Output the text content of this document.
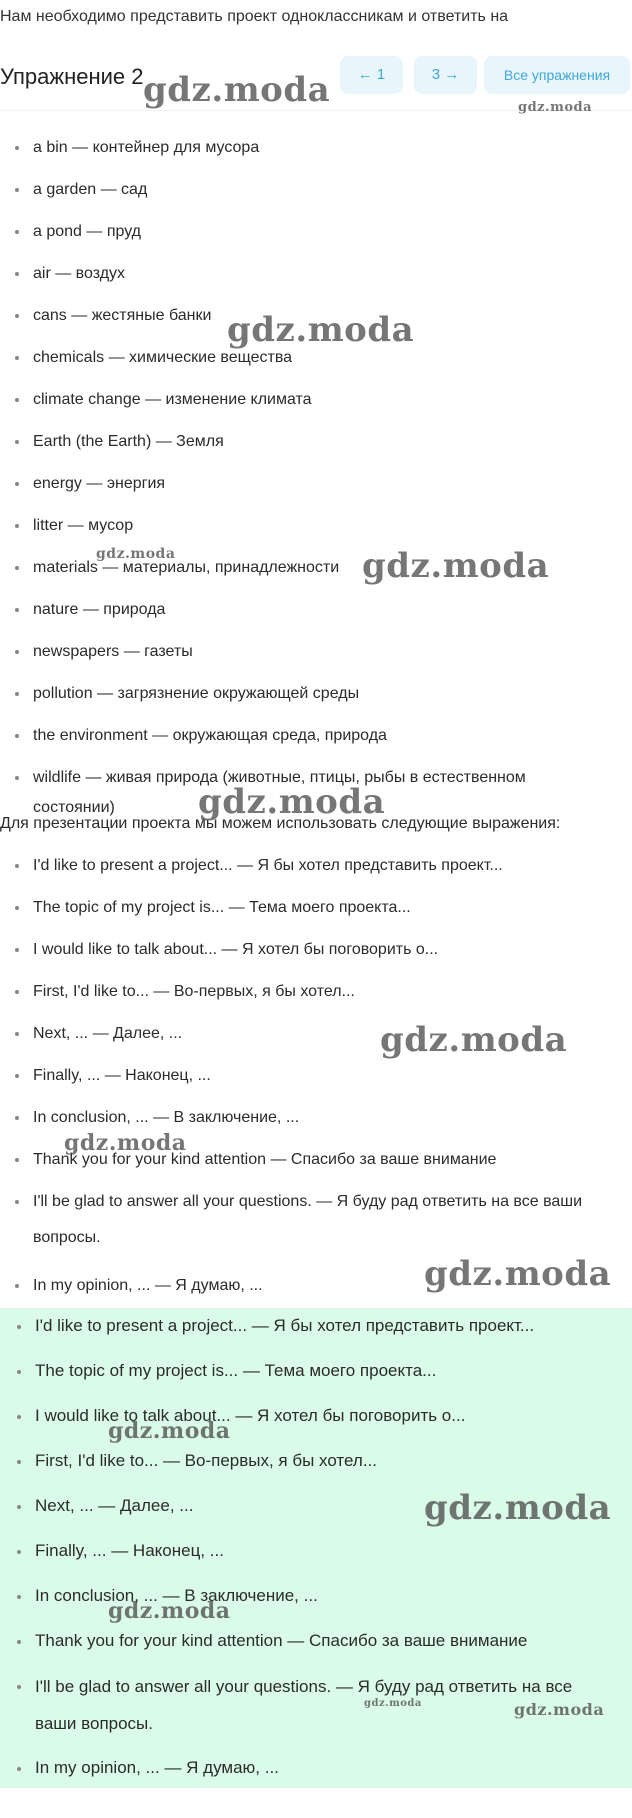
Нам необходимо представить проект одноклассникам и ответить на
Упражнение 2	← 1	3 →	Все упражнения
a bin — контейнер для мусора
a garden — сад
a pond — пруд
air — воздух
cans — жестяные банки
chemicals — химические вещества
climate change — изменение климата
Earth (the Earth) — Земля
energy — энергия
litter — мусор
materials — материалы, принадлежности
nature — природа
newspapers — газеты
pollution — загрязнение окружающей среды
the environment — окружающая среда, природа
wildlife — живая природа (животные, птицы, рыбы в естественном
состоянии)
Для презентации проекта мы можем использовать следующие выражения:
I'd like to present a project... — Я бы хотел представить проект...
The topic of my project is... — Тема моего проекта...
I would like to talk about... — Я хотел бы поговорить о...
First, I'd like to... — Во-первых, я бы хотел...
Next, ... — Далее, ...
Finally, ... — Наконец, ...
In conclusion, ... — В заключение, ...
Thank you for your kind attention — Спасибо за ваше внимание
I'll be glad to answer all your questions. — Я буду рад ответить на все ваши вопросы.
In my opinion, ... — Я думаю, ...
I'd like to present a project... — Я бы хотел представить проект...
The topic of my project is... — Тема моего проекта...
I would like to talk about... — Я хотел бы поговорить о...
First, I'd like to... — Во-первых, я бы хотел...
Next, ... — Далее, ...
Finally, ... — Наконец, ...
In conclusion, ... — В заключение, ...
Thank you for your kind attention — Спасибо за ваше внимание
I'll be glad to answer all your questions. — Я буду рад ответить на все ваши вопросы.
In my opinion, ... — Я думаю, ...
gdz.moda	gdz.moda
gdz.moda
gdz.moda	gdz.moda
gdz.moda
gdz.moda
gdz.moda
gdz.moda
gdz.moda
gdz.moda
gdz.moda
gdz.moda	gdz.moda
